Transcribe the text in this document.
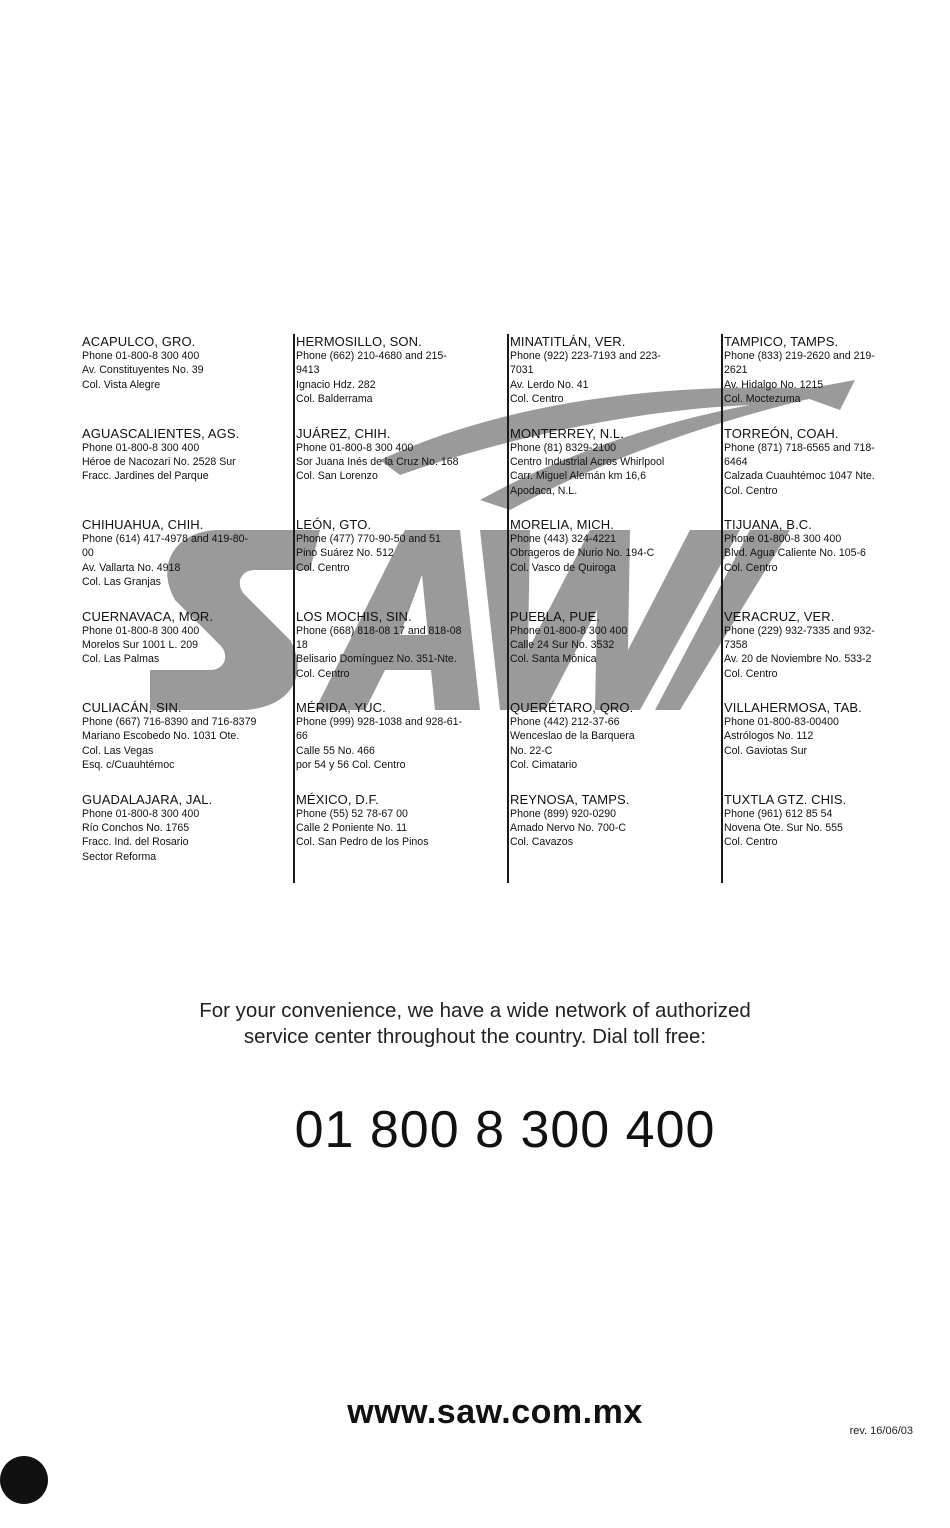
ACAPULCO, GRO.
Phone 01-800-8 300 400
Av. Constituyentes No. 39
Col. Vista Alegre
AGUASCALIENTES, AGS.
Phone 01-800-8 300 400
Héroe de Nacozari No. 2528 Sur
Fracc. Jardines del Parque
CHIHUAHUA, CHIH.
Phone (614) 417-4978 and 419-80-
00
Av. Vallarta No. 4918
Col. Las Granjas
CUERNAVACA, MOR.
Phone 01-800-8 300 400
Morelos Sur 1001 L. 209
Col. Las Palmas
CULIACÁN, SIN.
Phone (667) 716-8390 and 716-8379
Mariano Escobedo No. 1031 Ote.
Col. Las Vegas
Esq. c/Cuauhtémoc
GUADALAJARA, JAL.
Phone 01-800-8 300 400
Río Conchos No. 1765
Fracc. Ind. del Rosario
Sector Reforma
HERMOSILLO, SON.
Phone (662) 210-4680 and 215-
9413
Ignacio Hdz. 282
Col. Balderrama
JUÁREZ, CHIH.
Phone 01-800-8 300 400
Sor Juana Inés de la Cruz No. 168
Col. San Lorenzo
LEÓN, GTO.
Phone (477) 770-90-50 and 51
Pino Suárez No. 512
Col. Centro
LOS MOCHIS, SIN.
Phone (668) 818-08 17 and 818-08
18
Belisario Domínguez No. 351-Nte.
Col. Centro
MÉRIDA, YUC.
Phone (999) 928-1038 and 928-61-
66
Calle 55 No. 466
por 54 y 56 Col. Centro
MÉXICO, D.F.
Phone (55) 52 78-67 00
Calle 2 Poniente No. 11
Col. San Pedro de los Pinos
MINATITLÁN, VER.
Phone (922) 223-7193 and 223-
7031
Av. Lerdo No. 41
Col. Centro
MONTERREY, N.L.
Phone (81) 8329-2100
Centro Industrial Acros Whirlpool
Carr. Miguel Alemán km 16,6
Apodaca, N.L.
MORELIA, MICH.
Phone (443) 324-4221
Obrageros de Nurio No. 194-C
Col. Vasco de Quiroga
PUEBLA, PUE.
Phone 01-800-8 300 400
Calle 24 Sur No. 3532
Col. Santa Mónica
QUERÉTARO, QRO.
Phone (442) 212-37-66
Wenceslao de la Barquera
No. 22-C
Col. Cimatario
REYNOSA, TAMPS.
Phone (899) 920-0290
Amado Nervo No. 700-C
Col. Cavazos
TAMPICO, TAMPS.
Phone (833) 219-2620 and 219-
2621
Av. Hidalgo No. 1215
Col. Moctezuma
TORREÓN, COAH.
Phone (871) 718-6565 and 718-
6464
Calzada Cuauhtémoc 1047 Nte.
Col. Centro
TIJUANA, B.C.
Phone 01-800-8 300 400
Blvd. Agua Caliente No. 105-6
Col. Centro
VERACRUZ, VER.
Phone (229) 932-7335 and 932-
7358
Av. 20 de Noviembre No. 533-2
Col. Centro
VILLAHERMOSA, TAB.
Phone 01-800-83-00400
Astrólogos No. 112
Col. Gaviotas Sur
TUXTLA GTZ. CHIS.
Phone (961) 612 85 54
Novena Ote. Sur No. 555
Col. Centro
For your convenience, we have a wide network of authorized
service center throughout the country. Dial toll free:
01 800 8 300 400
www.saw.com.mx	rev. 16/06/03
